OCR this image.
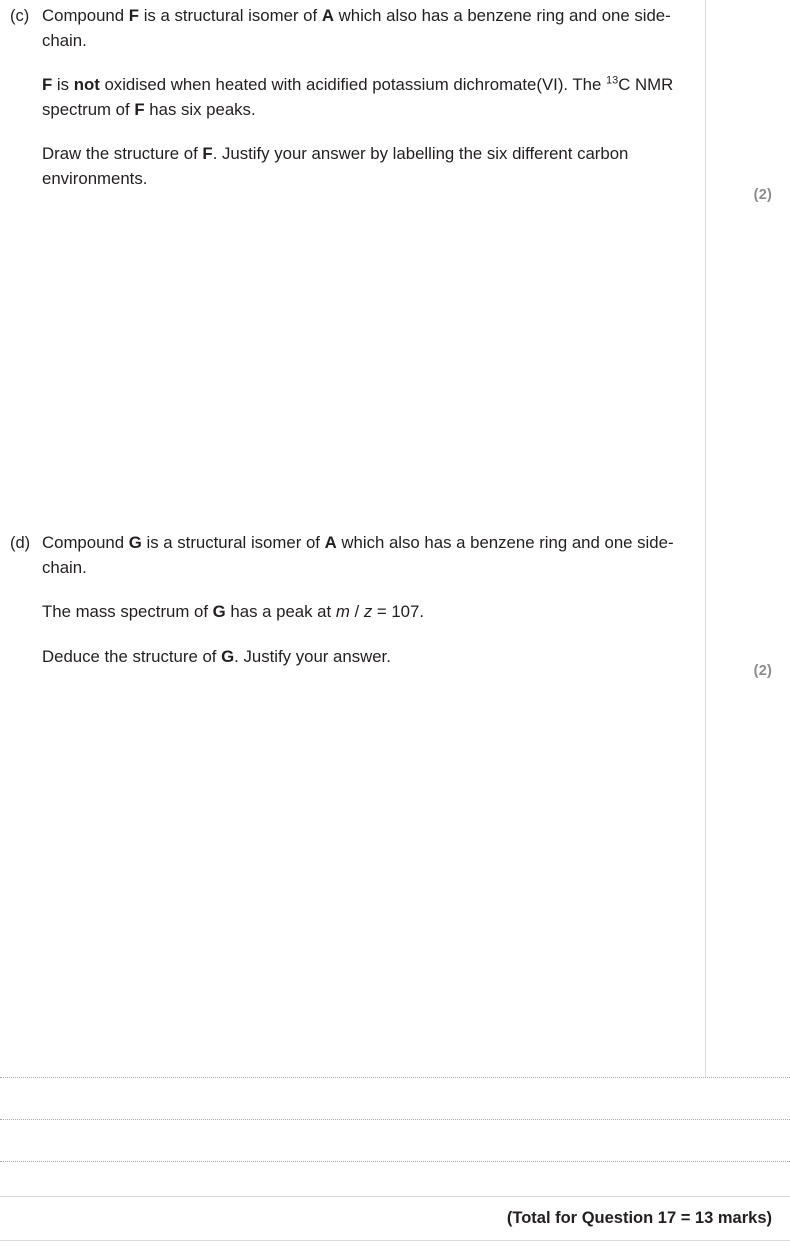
(c) Compound F is a structural isomer of A which also has a benzene ring and one side-chain.

F is not oxidised when heated with acidified potassium dichromate(VI). The $^{13}$C NMR spectrum of F has six peaks.

Draw the structure of F. Justify your answer by labelling the six different carbon environments.

(2)
(d) Compound G is a structural isomer of A which also has a benzene ring and one side-chain.

The mass spectrum of G has a peak at m / z = 107.

Deduce the structure of G. Justify your answer.

(2)
(Total for Question 17 = 13 marks)
